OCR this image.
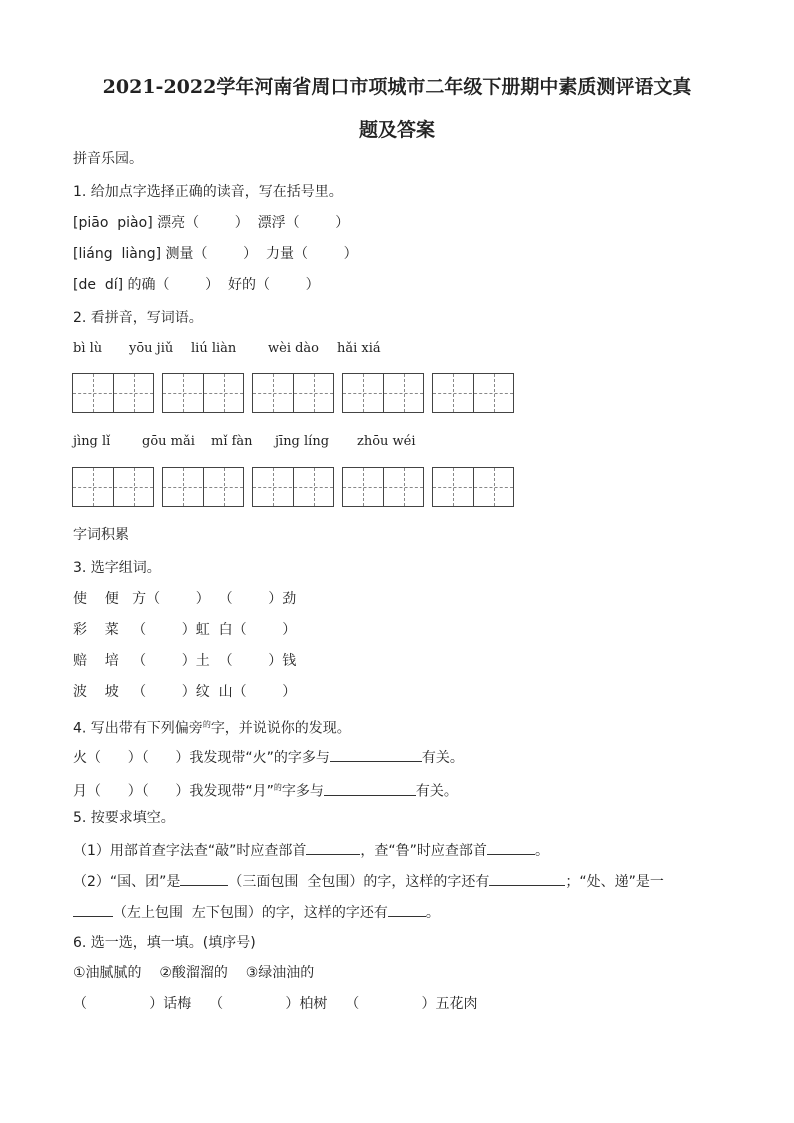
2021-2022学年河南省周口市项城市二年级下册期中素质测评语文真
题及答案
拼音乐园。
1. 给加点字选择正确的读音，写在括号里。
[piāo  piào] 漂亮（        ）  漂浮（        ）
[liáng  liàng] 测量（        ）  力量（        ）
[de  dí] 的确（        ）  好的（        ）
2. 看拼音，写词语。
bì lù yōu jiǔ liú liàn wèi dào hǎi xiá
jìng lǐ gōu mǎi mǐ fàn jīng líng zhōu wéi
字词积累
3. 选字组词。
使    便   方（        ）  （        ）劲
彩    菜   （        ）虹  白（        ）
赔    培   （        ）土  （        ）钱
波    坡   （        ）纹  山（        ）
4. 写出带有下列偏旁$^的$字，并说说你的发现。
火（      ）（      ）我发现带“火”的字多与	有关。
月（      ）（      ）我发现带“月”$^的$字多与	有关。
5. 按要求填空。
（1）用部首查字法查“敲”时应查部首	，查“鲁”时应查部首	。
（2）“国、团”是	（三面包围  全包围）的字，这样的字还有	；“处、递”是一
（左上包围  左下包围）的字，这样的字还有	。
6. 选一选，填一填。(填序号)
①油腻腻的    ②酸溜溜的    ③绿油油的
（              ）话梅    （              ）柏树    （              ）五花肉
